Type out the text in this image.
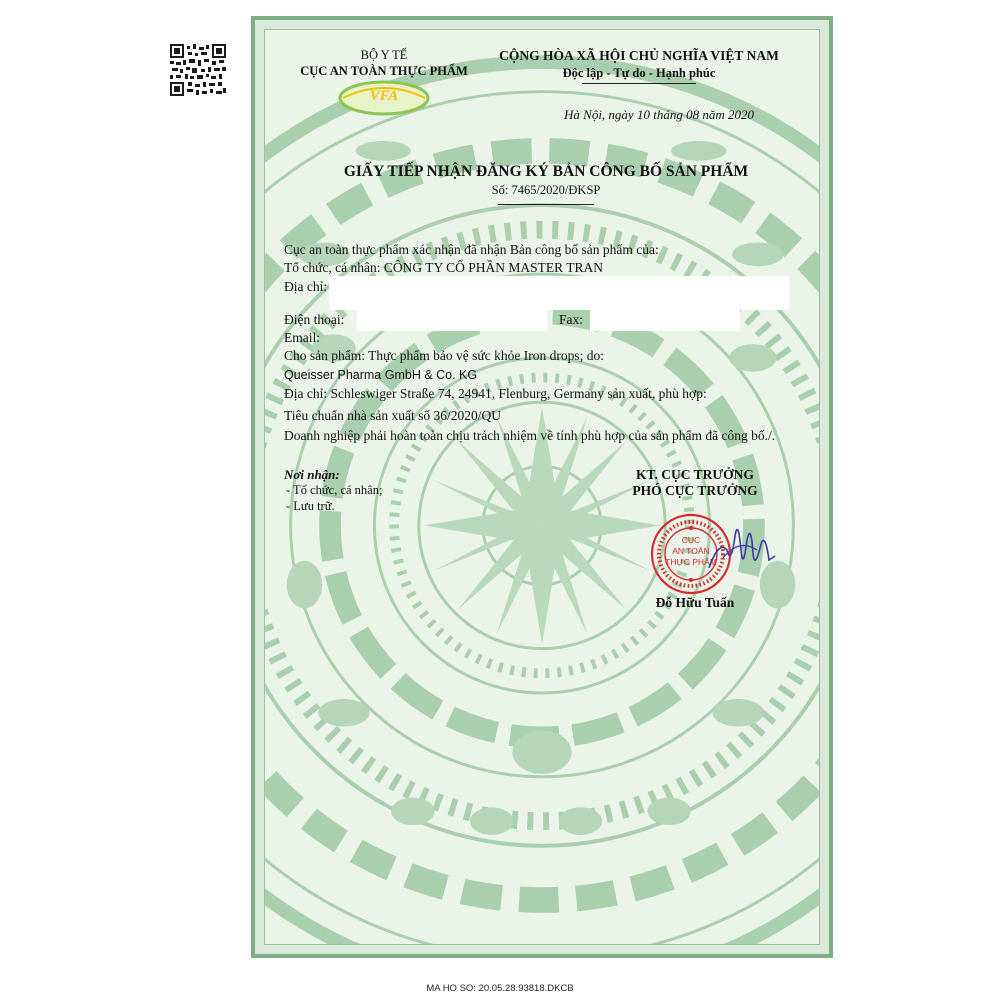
BỘ Y TẾ
CỤC AN TOÀN THỰC PHẨM
VFA
CỘNG HÒA XÃ HỘI CHỦ NGHĨA VIỆT NAM
Độc lập - Tự do - Hạnh phúc
Hà Nội, ngày 10 tháng 08 năm 2020
GIẤY TIẾP NHẬN ĐĂNG KÝ BẢN CÔNG BỐ SẢN PHẨM
Số: 7465/2020/ĐKSP
Cục an toàn thực phẩm xác nhận đã nhận Bản công bố sản phẩm của:
Tổ chức, cá nhân: CÔNG TY CỔ PHẦN MASTER TRAN
Địa chỉ:
Điện thoại:	Fax:
Email:
Cho sản phẩm: Thực phẩm bảo vệ sức khỏe Iron drops; do:
Queisser Pharma GmbH & Co. KG
Địa chỉ: Schleswiger Straße 74, 24941, Flenburg, Germany sản xuất, phù hợp:
Tiêu chuẩn nhà sản xuất số 36/2020/QU
Doanh nghiệp phải hoàn toàn chịu trách nhiệm về tính phù hợp của sản phẩm đã công bố./.
Nơi nhận:
- Tổ chức, cá nhân;
- Lưu trữ.
KT. CỤC TRƯỞNG
PHÓ CỤC TRƯỞNG
CỤC
AN TOÀN
THỰC PHẨM
Đỗ Hữu Tuấn
MA HO SO: 20.05.28.93818.DKCB
